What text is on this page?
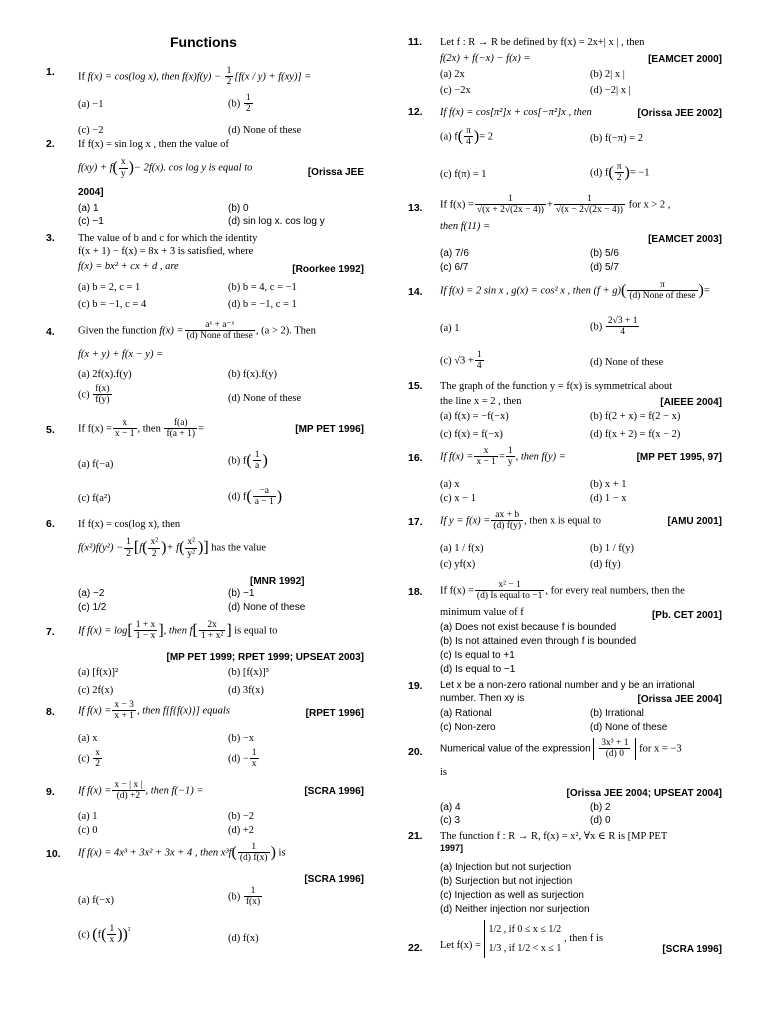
Functions
1. If f(x) = cos(log x), then $f(x)f(y) - \frac{1}{2} [f(x / y) + f(xy)]$ =
(a) −1	$(b) \frac{1}{2}$
(c) −2	(d) None of these
2. If f(x) = sin log x , then the value of
$f(xy) + f( \frac{x}{y}$ )− 2f(x). cos log y is equal to	[Orissa JEE
2004]
(a) 1	(b) 0
(c) −1	(d) sin log x. cos log y
3. The value of b and c for which the identity
f(x + 1) − f(x) = 8x + 3 is satisfied, where
f(x) = bx² + cx + d , are	[Roorkee 1992]
(a) b = 2, c = 1	(b) b = 4, c = −1
(c) b = −1, c = 4	(d) b = −1, c = 1
4. Given the function f(x) =
aˣ + a⁻ˣ
(d) None of these
, (a > 2). Then
f(x + y) + f(x − y) =
(a) 2f(x).f(y)	(b) f(x).f(y)
$(c) \frac{f(x)}{f(y)}$	(d) None of these
5. If $f(x) = \frac{x}{x - 1}$ , then $\frac{f(a)}{f(a + 1)}$ =	[MP PET 1996]
(a) f(−a)	(b) $f( \frac{1}{a}$ )
(c) f(a²)	(d) $f( \frac{-a}{a - 1}$ )
6. If f(x) = cos(log x), then
$f(x^2)f(y^2) - \frac{1}{2} [f( \frac{\text{x²}}{2}$ )+ $f( \frac{\text{x²}}{\text{y²}}$ )] has the value
[MNR 1992]
(a) −2	(b) −1
(c) 1/2	(d) None of these
7. If $f(x) = \log[ \frac{1 + x}{1 - x}$ ], then $f[ \frac{2x}{\text{1 + x²}}$ ] is equal to
[MP PET 1999; RPET 1999; UPSEAT 2003]
(a) [f(x)]²	(b) [f(x)]³
(c) 2f(x)	(d) 3f(x)
8. If $f(x) = \frac{x - 3}{x + 1}$ , then f[f{f(x)}] equals	[RPET 1996]
(a) x	(b) −x
$(c) \frac{x}{2}$	$(d) - \frac{1}{x}$
9. If $f(x) = \frac{x - | x |}{(d) +2}$ , then f(−1) =	[SCRA 1996]
(a) 1	(b) −2
(c) 0	(d) +2
10. If f(x) = 4x³ + 3x² + 3x + 4 , then $x^3f( \frac{1}{(d) f(x)}$ ) is
[SCRA 1996]
(a) f(−x)	$(b) \frac{1}{f(x)}$
(c) $(f( \frac{1}{x} ))^{^2}$
(d) f(x)
11. Let f : R → R be defined by f(x) = 2x+| x | , then
f(2x) + f(−x) − f(x) =	[EAMCET 2000]
(a) 2x	(b) 2| x |
(c) −2x	(d) −2| x |
12. If f(x) = cos[π²]x + cos[−π²]x , then	[Orissa JEE 2002]
(a) $f( \frac{\pi}{4}$ )= 2	(b) f(−π) = 2
(c) f(π) = 1	(d) $f( \frac{\pi}{2}$ )= −1
13. If $f(x) = \frac{1}{√(x + 2√(2x - 4))} + \frac{1}{√(x - 2√(2x - 4))}$ for x > 2 ,
then f(11) =
[EAMCET 2003]
(a) 7/6	(b) 5/6
(c) 6/7	(d) 5/7
14. If f(x) = 2 sin x , g(x) = cos² x , then (f + g)(	π
(d) None of these )=
(a) 1	$(b) \frac{2√3 + 1}{4}$
(c) $√3 + \frac{1}{4}$	(d) None of these
15. The graph of the function y = f(x) is symmetrical about
the line x = 2 , then	[AIEEE 2004]
(a) f(x) = −f(−x)	(b) f(2 + x) = f(2 − x)
(c) f(x) = f(−x)	(d) f(x + 2) = f(x − 2)
16. If $f(x) = \frac{x}{x - 1} = \frac{1}{y}$ , then f(y) =	[MP PET 1995, 97]
(a) x	(b) x + 1
(c) x − 1	(d) 1 − x
17. If $y = f(x) = \frac{ax + b}{(d) f(y)}$ , then x is equal to	[AMU 2001]
(a) 1 / f(x)	(b) 1 / f(y)
(c) yf(x)	(d) f(y)
18. If f(x) =
x² − 1
(d) Is equal to −1
, for every real numbers, then the
minimum value of f	[Pb. CET 2001]
(a) Does not exist because f is bounded
(b) Is not attained even through f is bounded
(c) Is equal to +1
(d) Is equal to −1
19. Let x be a non-zero rational number and y be an irrational
number. Then xy is	[Orissa JEE 2004]
(a) Rational	(b) Irrational
(c) Non-zero	(d) None of these
20. Numerical value of the expression $\frac{\text{3x³ + 1}}{(d) 0}$ for x = −3
is
[Orissa JEE 2004; UPSEAT 2004]
(a) 4	(b) 2
(c) 3	(d) 0
21. The function f : R → R, f(x) = x², ∀x ∈ R is [MP PET
1997]
(a) Injection but not surjection
(b) Surjection but not injection
(c) Injection as well as surjection
(d) Neither injection nor surjection
22. Let f(x) =
1/2 , if 0 ≤ x ≤ 1/2
1/3 , if 1/2 < x ≤ 1
, then f is
[SCRA 1996]
